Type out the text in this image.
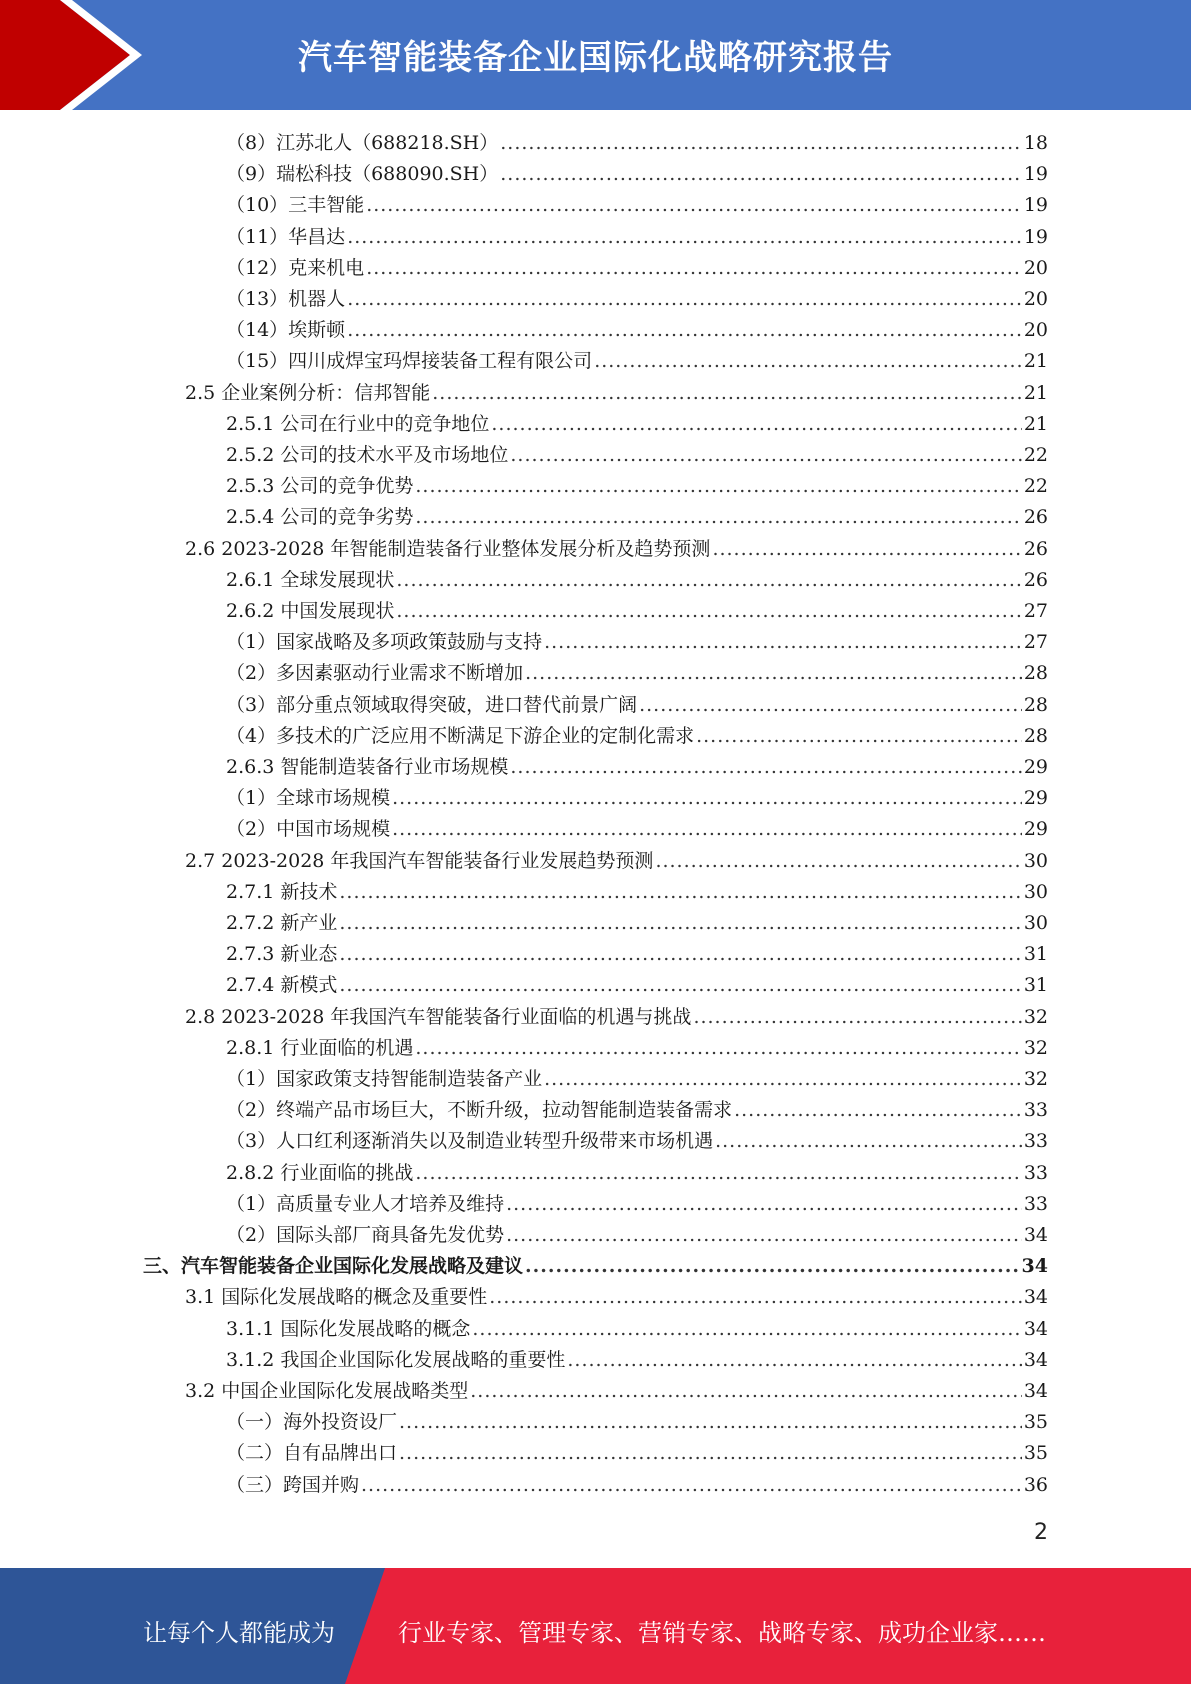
汽车智能装备企业国际化战略研究报告
（8）江苏北人（688218.SH） .....	18
（9）瑞松科技（688090.SH） .....	19
（10）三丰智能 .....	19
（11）华昌达 .....	19
（12）克来机电 .....	20
（13）机器人 .....	20
（14）埃斯顿 .....	20
（15）四川成焊宝玛焊接装备工程有限公司 .....	21
2.5 企业案例分析：信邦智能 .....	21
2.5.1 公司在行业中的竞争地位 .....	21
2.5.2 公司的技术水平及市场地位 .....	22
2.5.3 公司的竞争优势 .....	22
2.5.4 公司的竞争劣势 .....	26
2.6 2023-2028 年智能制造装备行业整体发展分析及趋势预测 .....	26
2.6.1 全球发展现状 .....	26
2.6.2 中国发展现状 .....	27
（1）国家战略及多项政策鼓励与支持 .....	27
（2）多因素驱动行业需求不断增加 .....	28
（3）部分重点领域取得突破，进口替代前景广阔 .....	28
（4）多技术的广泛应用不断满足下游企业的定制化需求 .....	28
2.6.3 智能制造装备行业市场规模 .....	29
（1）全球市场规模 .....	29
（2）中国市场规模 .....	29
2.7 2023-2028 年我国汽车智能装备行业发展趋势预测 .....	30
2.7.1 新技术 .....	30
2.7.2 新产业 .....	30
2.7.3 新业态 .....	31
2.7.4 新模式 .....	31
2.8 2023-2028 年我国汽车智能装备行业面临的机遇与挑战 .....	32
2.8.1 行业面临的机遇 .....	32
（1）国家政策支持智能制造装备产业 .....	32
（2）终端产品市场巨大，不断升级，拉动智能制造装备需求 .....	33
（3）人口红利逐渐消失以及制造业转型升级带来市场机遇 .....	33
2.8.2 行业面临的挑战 .....	33
（1）高质量专业人才培养及维持 .....	33
（2）国际头部厂商具备先发优势 .....	34
三、汽车智能装备企业国际化发展战略及建议 .....	34
3.1 国际化发展战略的概念及重要性 .....	34
3.1.1 国际化发展战略的概念 .....	34
3.1.2 我国企业国际化发展战略的重要性 .....	34
3.2 中国企业国际化发展战略类型 .....	34
（一）海外投资设厂 .....	35
（二）自有品牌出口 .....	35
（三）跨国并购 .....	36
2
让每个人都能成为	行业专家、管理专家、营销专家、战略专家、成功企业家……
